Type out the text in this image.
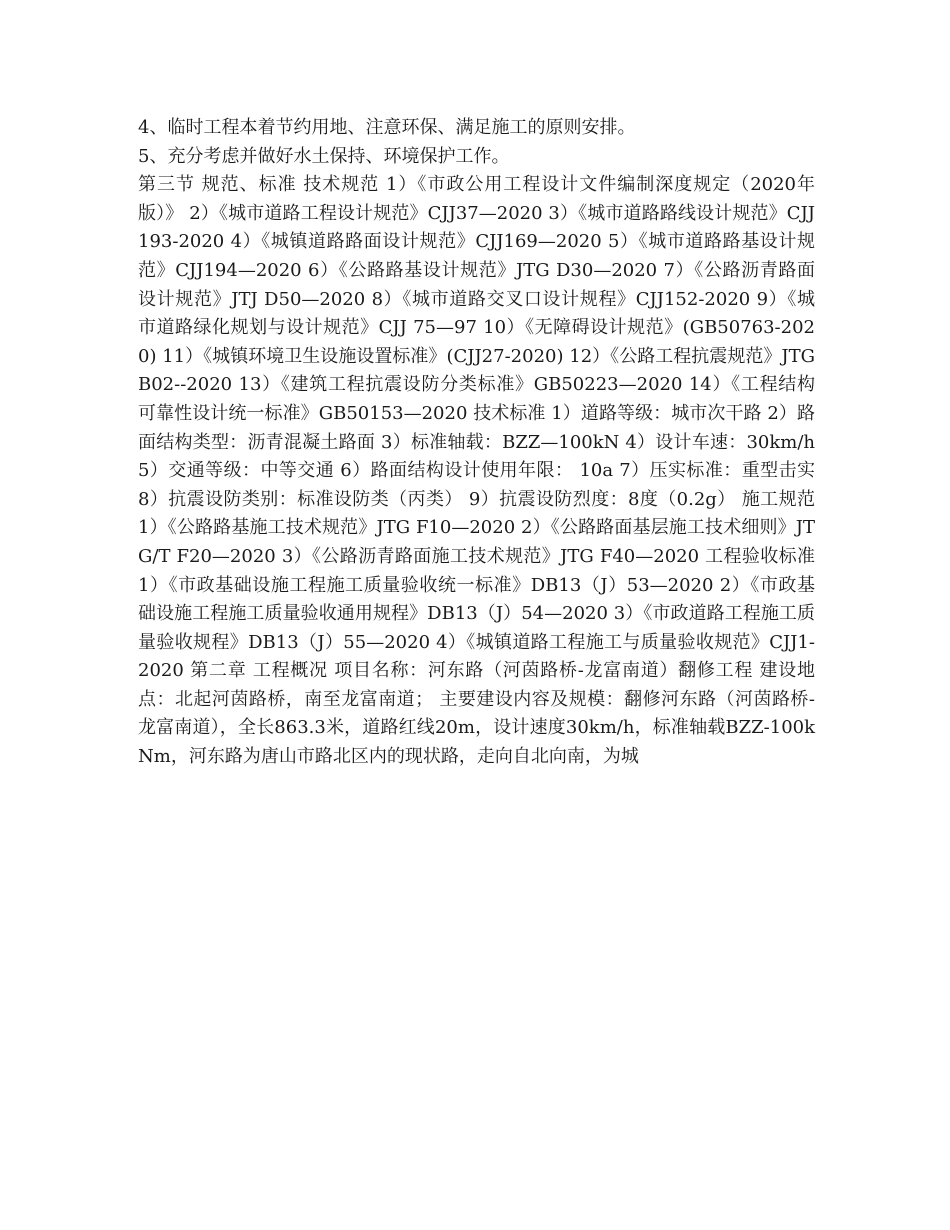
4、临时工程本着节约用地、注意环保、满足施工的原则安排。

5、充分考虑并做好水土保持、环境保护工作。

第三节 规范、标准 技术规范 1）《市政公用工程设计文件编制深度规定（2020年版）》 2）《城市道路工程设计规范》CJJ37—2020 3）《城市道路路线设计规范》CJJ193-2020 4）《城镇道路路面设计规范》CJJ169—2020 5）《城市道路路基设计规范》CJJ194—2020 6）《公路路基设计规范》JTG D30—2020 7）《公路沥青路面设计规范》JTJ D50—2020 8）《城市道路交叉口设计规程》CJJ152-2020 9）《城市道路绿化规划与设计规范》CJJ 75—97 10）《无障碍设计规范》(GB50763-2020) 11）《城镇环境卫生设施设置标准》(CJJ27-2020) 12）《公路工程抗震规范》JTG B02--2020 13）《建筑工程抗震设防分类标准》GB50223—2020 14）《工程结构可靠性设计统一标准》GB50153—2020 技术标准 1）道路等级：城市次干路 2）路面结构类型：沥青混凝土路面 3）标准轴载：BZZ—100kN 4）设计车速：30km/h 5）交通等级：中等交通 6）路面结构设计使用年限： 10a 7）压实标准：重型击实 8）抗震设防类别：标准设防类（丙类） 9）抗震设防烈度：8度（0.2g） 施工规范 1）《公路路基施工技术规范》JTG F10—2020 2）《公路路面基层施工技术细则》JTG/T F20—2020 3）《公路沥青路面施工技术规范》JTG F40—2020 工程验收标准 1）《市政基础设施工程施工质量验收统一标准》DB13（J）53—2020 2）《市政基础设施工程施工质量验收通用规程》DB13（J）54—2020 3）《市政道路工程施工质量验收规程》DB13（J）55—2020 4）《城镇道路工程施工与质量验收规范》CJJ1-2020 第二章 工程概况 项目名称：河东路（河茵路桥-龙富南道）翻修工程 建设地点：北起河茵路桥，南至龙富南道； 主要建设内容及规模：翻修河东路（河茵路桥-龙富南道），全长863.3米，道路红线20m，设计速度30km/h，标准轴载BZZ-100kNm，河东路为唐山市路北区内的现状路，走向自北向南，为城
